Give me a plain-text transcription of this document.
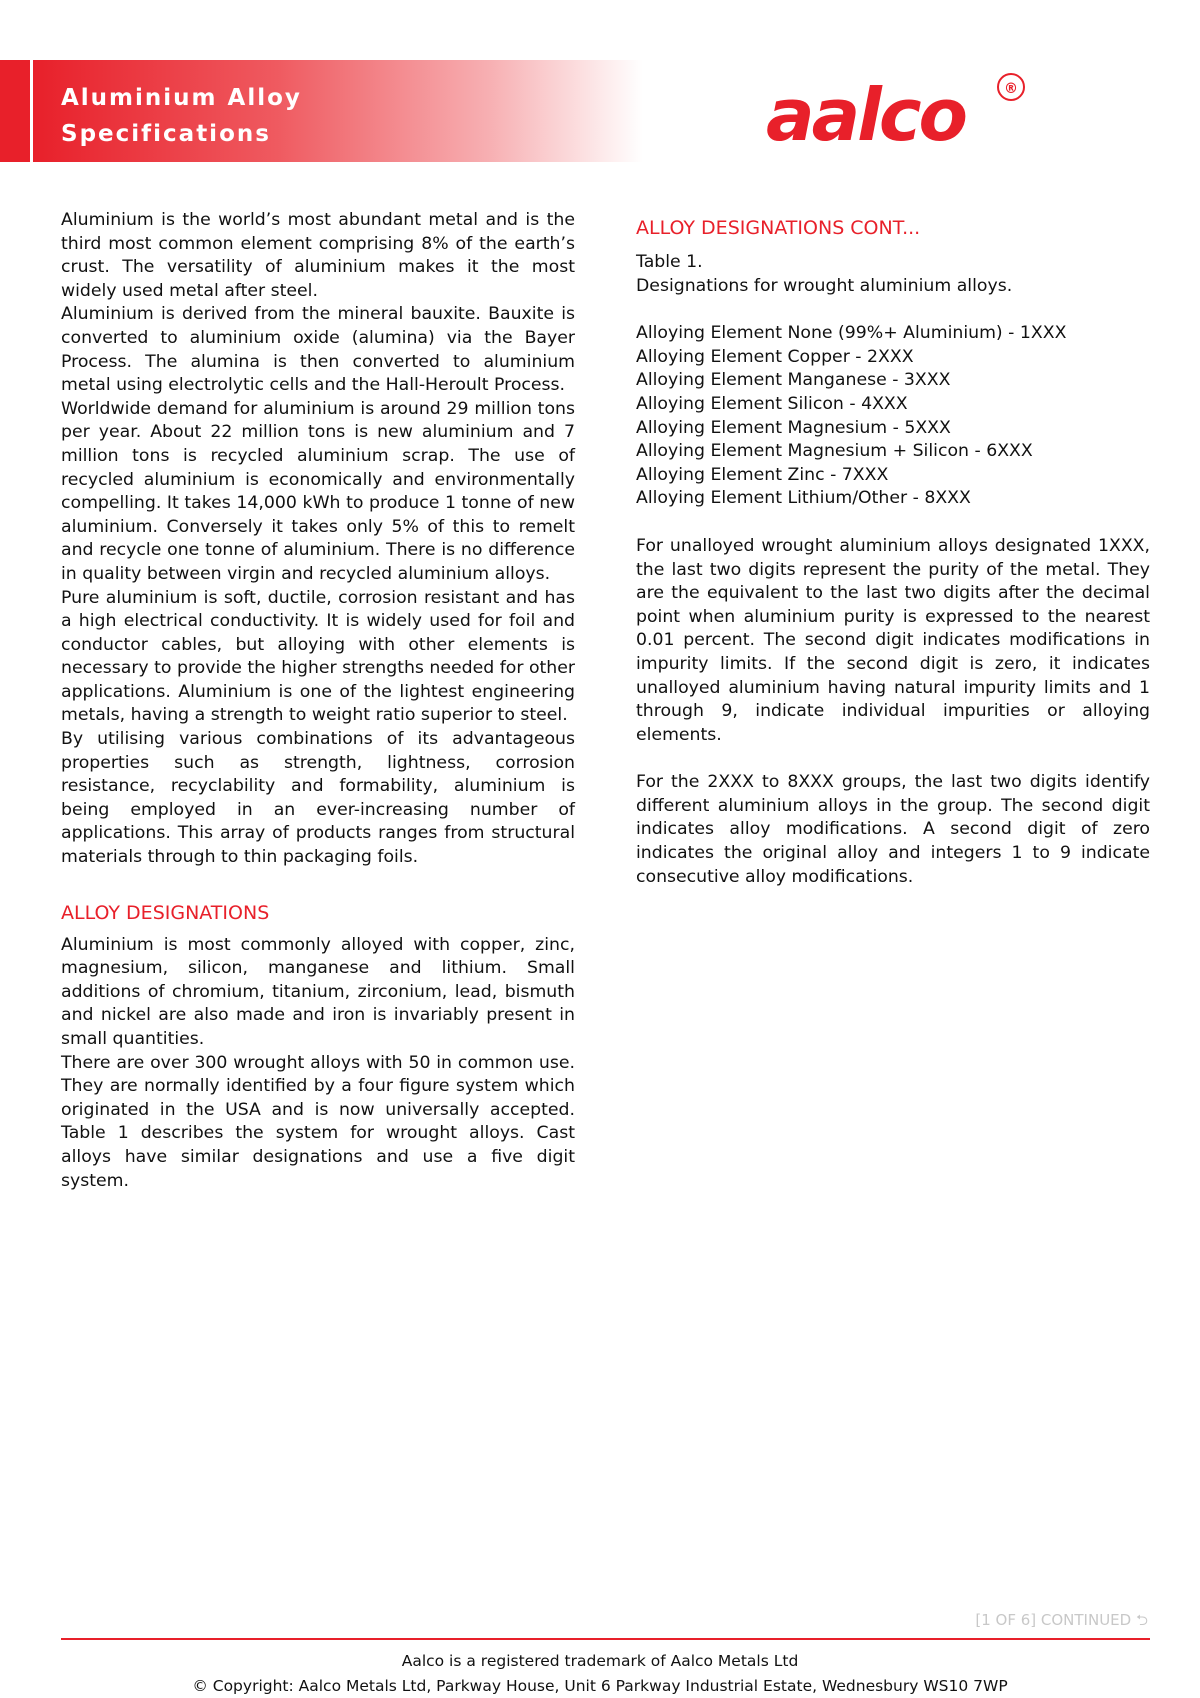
Aluminium Alloy
Specifications	aalco	®

Aluminium is the world’s most abundant metal and is the third most common element comprising 8% of the earth’s crust. The versatility of aluminium makes it the most widely used metal after steel.

Aluminium is derived from the mineral bauxite. Bauxite is converted to aluminium oxide (alumina) via the Bayer Process. The alumina is then converted to aluminium metal using electrolytic cells and the Hall-Heroult Process.

Worldwide demand for aluminium is around 29 million tons per year. About 22 million tons is new aluminium and 7 million tons is recycled aluminium scrap. The use of recycled aluminium is economically and environmentally compelling. It takes 14,000 kWh to produce 1 tonne of new aluminium. Conversely it takes only 5% of this to remelt and recycle one tonne of aluminium. There is no difference in quality between virgin and recycled aluminium alloys.

Pure aluminium is soft, ductile, corrosion resistant and has a high electrical conductivity. It is widely used for foil and conductor cables, but alloying with other elements is necessary to provide the higher strengths needed for other applications. Aluminium is one of the lightest engineering metals, having a strength to weight ratio superior to steel.

By utilising various combinations of its advantageous properties such as strength, lightness, corrosion resistance, recyclability and formability, aluminium is being employed in an ever-increasing number of applications. This array of products ranges from structural materials through to thin packaging foils.

ALLOY DESIGNATIONS

Aluminium is most commonly alloyed with copper, zinc, magnesium, silicon, manganese and lithium. Small additions of chromium, titanium, zirconium, lead, bismuth and nickel are also made and iron is invariably present in small quantities.

There are over 300 wrought alloys with 50 in common use. They are normally identified by a four figure system which originated in the USA and is now universally accepted. Table 1 describes the system for wrought alloys. Cast alloys have similar designations and use a five digit system.

ALLOY DESIGNATIONS CONT...

Table 1.

Designations for wrought aluminium alloys.

Alloying Element None (99%+ Aluminium) - 1XXX

Alloying Element Copper - 2XXX

Alloying Element Manganese - 3XXX

Alloying Element Silicon - 4XXX

Alloying Element Magnesium - 5XXX

Alloying Element Magnesium + Silicon - 6XXX

Alloying Element Zinc - 7XXX

Alloying Element Lithium/Other - 8XXX

For unalloyed wrought aluminium alloys designated 1XXX, the last two digits represent the purity of the metal. They are the equivalent to the last two digits after the decimal point when aluminium purity is expressed to the nearest 0.01 percent. The second digit indicates modifications in impurity limits. If the second digit is zero, it indicates unalloyed aluminium having natural impurity limits and 1 through 9, indicate individual impurities or alloying elements.

For the 2XXX to 8XXX groups, the last two digits identify different aluminium alloys in the group. The second digit indicates alloy modifications. A second digit of zero indicates the original alloy and integers 1 to 9 indicate consecutive alloy modifications.

[1 OF 6] CONTINUED ⮌
Aalco is a registered trademark of Aalco Metals Ltd
© Copyright: Aalco Metals Ltd, Parkway House, Unit 6 Parkway Industrial Estate, Wednesbury WS10 7WP
